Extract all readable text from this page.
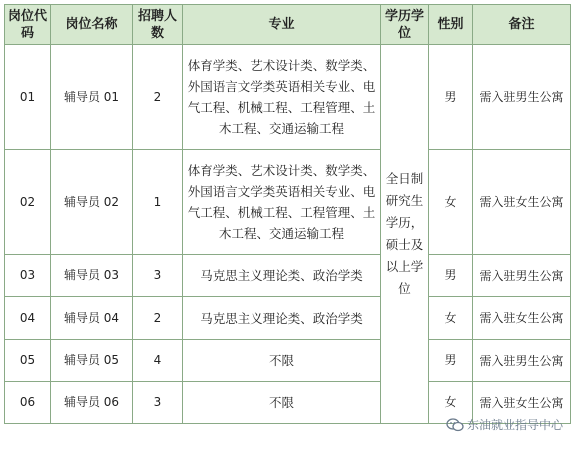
岗位代码	岗位名称	招聘人数	专业	学历学位	性别	备注
01	辅导员 01	2	体育学类、艺术设计类、数学类、外国语言文学类英语相关专业、电气工程、机械工程、工程管理、土木工程、交通运输工程	全日制研究生学历，硕士及以上学位	男	需入驻男生公寓
02	辅导员 02	1	体育学类、艺术设计类、数学类、外国语言文学类英语相关专业、电气工程、机械工程、工程管理、土木工程、交通运输工程		女	需入驻女生公寓
03	辅导员 03	3	马克思主义理论类、政治学类		男	需入驻男生公寓
04	辅导员 04	2	马克思主义理论类、政治学类		女	需入驻女生公寓
05	辅导员 05	4	不限		男	需入驻男生公寓
06	辅导员 06	3	不限		女	需入驻女生公寓
东油就业指导中心
